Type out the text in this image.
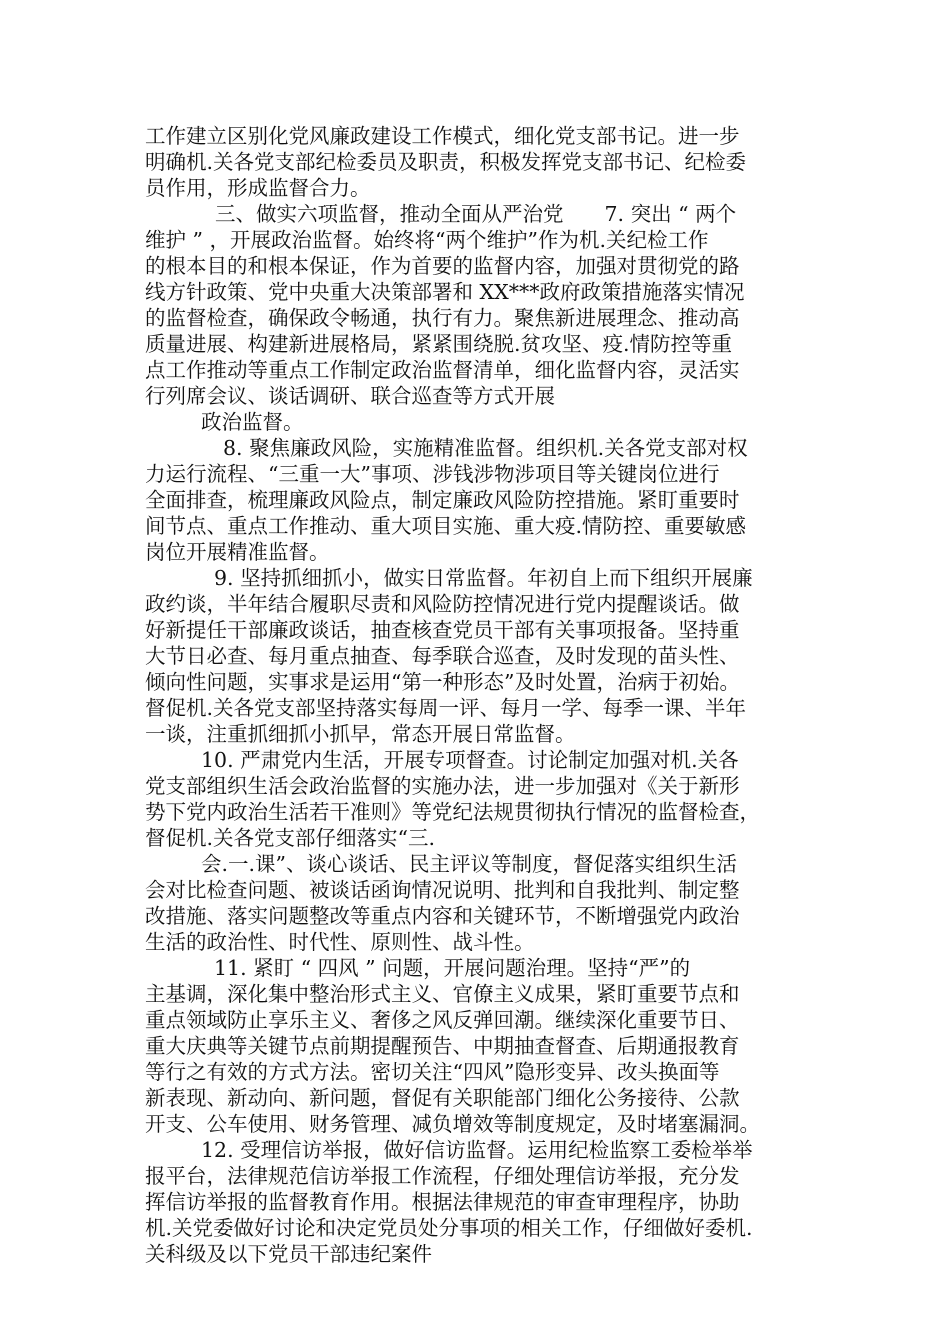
工作建立区别化党风廉政建设工作模式，细化党支部书记。进一步
明确机.关各党支部纪检委员及职责，积极发挥党支部书记、纪检委
员作用，形成监督合力。
三、做实六项监督，推动全面从严治党　　7. 突出 “ 两个
维护 ” ，开展政治监督。始终将“两个维护”作为机.关纪检工作
的根本目的和根本保证，作为首要的监督内容，加强对贯彻党的路
线方针政策、党中央重大决策部署和 XX***政府政策措施落实情况
的监督检查，确保政令畅通，执行有力。聚焦新进展理念、推动高
质量进展、构建新进展格局，紧紧围绕脱.贫攻坚、疫.情防控等重
点工作推动等重点工作制定政治监督清单，细化监督内容，灵活实
行列席会议、谈话调研、联合巡查等方式开展
政治监督。
8. 聚焦廉政风险，实施精准监督。组织机.关各党支部对权
力运行流程、“三重一大”事项、涉钱涉物涉项目等关键岗位进行
全面排查，梳理廉政风险点，制定廉政风险防控措施。紧盯重要时
间节点、重点工作推动、重大项目实施、重大疫.情防控、重要敏感
岗位开展精准监督。
9. 坚持抓细抓小，做实日常监督。年初自上而下组织开展廉
政约谈，半年结合履职尽责和风险防控情况进行党内提醒谈话。做
好新提任干部廉政谈话，抽查核查党员干部有关事项报备。坚持重
大节日必查、每月重点抽查、每季联合巡查，及时发现的苗头性、
倾向性问题，实事求是运用“第一种形态”及时处置，治病于初始。
督促机.关各党支部坚持落实每周一评、每月一学、每季一课、半年
一谈，注重抓细抓小抓早，常态开展日常监督。
10. 严肃党内生活，开展专项督查。讨论制定加强对机.关各
党支部组织生活会政治监督的实施办法，进一步加强对《关于新形
势下党内政治生活若干准则》等党纪法规贯彻执行情况的监督检查，
督促机.关各党支部仔细落实“三.
会.一.课”、谈心谈话、民主评议等制度，督促落实组织生活
会对比检查问题、被谈话函询情况说明、批判和自我批判、制定整
改措施、落实问题整改等重点内容和关键环节，不断增强党内政治
生活的政治性、时代性、原则性、战斗性。
11. 紧盯 “ 四风 ” 问题，开展问题治理。坚持“严”的
主基调，深化集中整治形式主义、官僚主义成果，紧盯重要节点和
重点领域防止享乐主义、奢侈之风反弹回潮。继续深化重要节日、
重大庆典等关键节点前期提醒预告、中期抽查督查、后期通报教育
等行之有效的方式方法。密切关注“四风”隐形变异、改头换面等
新表现、新动向、新问题，督促有关职能部门细化公务接待、公款
开支、公车使用、财务管理、减负增效等制度规定，及时堵塞漏洞。
12. 受理信访举报，做好信访监督。运用纪检监察工委检举举
报平台，法律规范信访举报工作流程，仔细处理信访举报，充分发
挥信访举报的监督教育作用。根据法律规范的审查审理程序，协助
机.关党委做好讨论和决定党员处分事项的相关工作，仔细做好委机.
关科级及以下党员干部违纪案件
